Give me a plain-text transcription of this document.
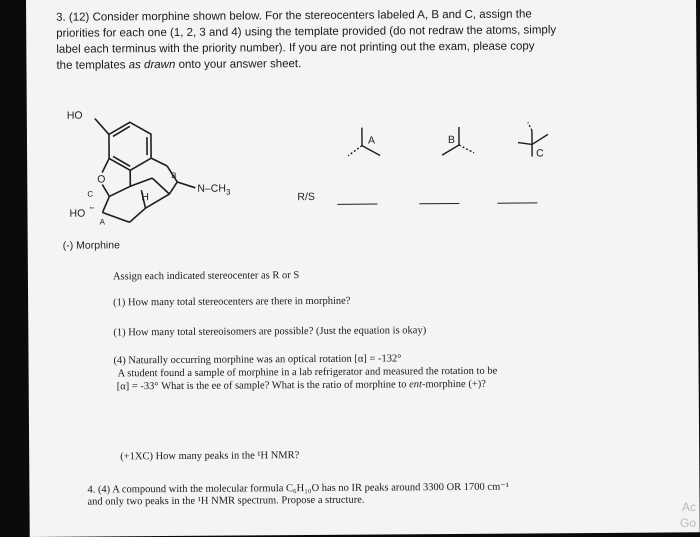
3. (12) Consider morphine shown below. For the stereocenters labeled A, B and C, assign the
priorities for each one (1, 2, 3 and 4) using the template provided (do not redraw the atoms, simply
label each terminus with the priority number). If you are not printing out the exam, please copy
the templates as drawn onto your answer sheet.
HO
O
C
B
H
$N-CH_3$
HO '''
A
(-) Morphine
A	B
C
R/S
Assign each indicated stereocenter as R or S
(1) How many total stereocenters are there in morphine?
(1) How many total stereoisomers are possible? (Just the equation is okay)
(4) Naturally occurring morphine was an optical rotation [α] = -132°
A student found a sample of morphine in a lab refrigerator and measured the rotation to be
[α] = -33° What is the ee of sample? What is the ratio of morphine to ent-morphine (+)?
(+1XC) How many peaks in the ¹H NMR?
4. (4) A compound with the molecular formula C₆H₁₀O has no IR peaks around 3300 OR 1700 cm⁻¹
and only two peaks in the ¹H NMR spectrum. Propose a structure.	Ac
Go
